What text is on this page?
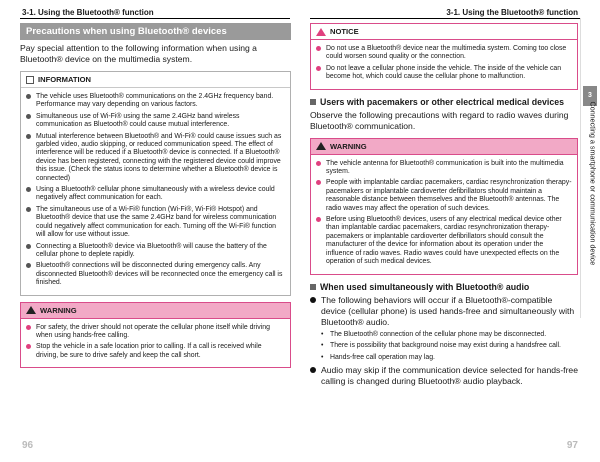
3-1. Using the Bluetooth® function	3-1. Using the Bluetooth® function
Precautions when using Bluetooth® devices
Pay special attention to the following information when using a Bluetooth® device on the multimedia system.
INFORMATION
The vehicle uses Bluetooth® communications on the 2.4GHz frequency band. Performance may vary depending on various factors.
Simultaneous use of Wi-Fi® using the same 2.4GHz band wireless communication as Bluetooth® could cause mutual interference.
Mutual interference between Bluetooth® and Wi-Fi® could cause issues such as garbled video, audio skipping, or reduced communication speed. The effect of interference will be reduced if a Bluetooth® device is connected. If a Bluetooth® device has been registered, connecting with the registered device could improve this issue. (Check the status icons to determine whether a Bluetooth® device is connected)
Using a Bluetooth® cellular phone simultaneously with a wireless device could negatively affect communication for each.
The simultaneous use of a Wi-Fi® function (Wi-Fi®, Wi-Fi® Hotspot) and Bluetooth® device that use the same 2.4GHz band for wireless communication could negatively affect communication for each. Turning off the Wi-Fi® function will allow for use without issue.
Connecting a Bluetooth® device via Bluetooth® will cause the battery of the cellular phone to deplete rapidly.
Bluetooth® connections will be disconnected during emergency calls. Any disconnected Bluetooth® devices will be reconnected once the emergency call is finished.
WARNING
For safety, the driver should not operate the cellular phone itself while driving when using hands-free calling.
Stop the vehicle in a safe location prior to calling. If a call is received while driving, be sure to drive safely and keep the call short.
NOTICE
Do not use a Bluetooth® device near the multimedia system. Coming too close could worsen sound quality or the connection.
Do not leave a cellular phone inside the vehicle. The inside of the vehicle can become hot, which could cause the cellular phone to malfunction.
Users with pacemakers or other electrical medical devices
Observe the following precautions with regard to radio waves during Bluetooth® communication.
WARNING
The vehicle antenna for Bluetooth® communication is built into the multimedia system.
People with implantable cardiac pacemakers, cardiac resynchronization therapy-pacemakers or implantable cardioverter defibrillators should maintain a reasonable distance between themselves and the Bluetooth® antennas. The radio waves may affect the operation of such devices.
Before using Bluetooth® devices, users of any electrical medical device other than implantable cardiac pacemakers, cardiac resynchronization therapy-pacemakers or implantable cardioverter defibrillators should consult the manufacturer of the device for information about its operation under the influence of radio waves. Radio waves could have unexpected effects on the operation of such medical devices.
When used simultaneously with Bluetooth® audio
The following behaviors will occur if a Bluetooth®-compatible device (cellular phone) is used hands-free and simultaneously with Bluetooth® audio.
• The Bluetooth® connection of the cellular phone may be disconnected.
• There is possibility that background noise may exist during a handsfree call.
• Hands-free call operation may lag.
Audio may skip if the communication device selected for hands-free calling is changed during Bluetooth® audio playback.
3
Connecting a smartphone or communication device
96	97
